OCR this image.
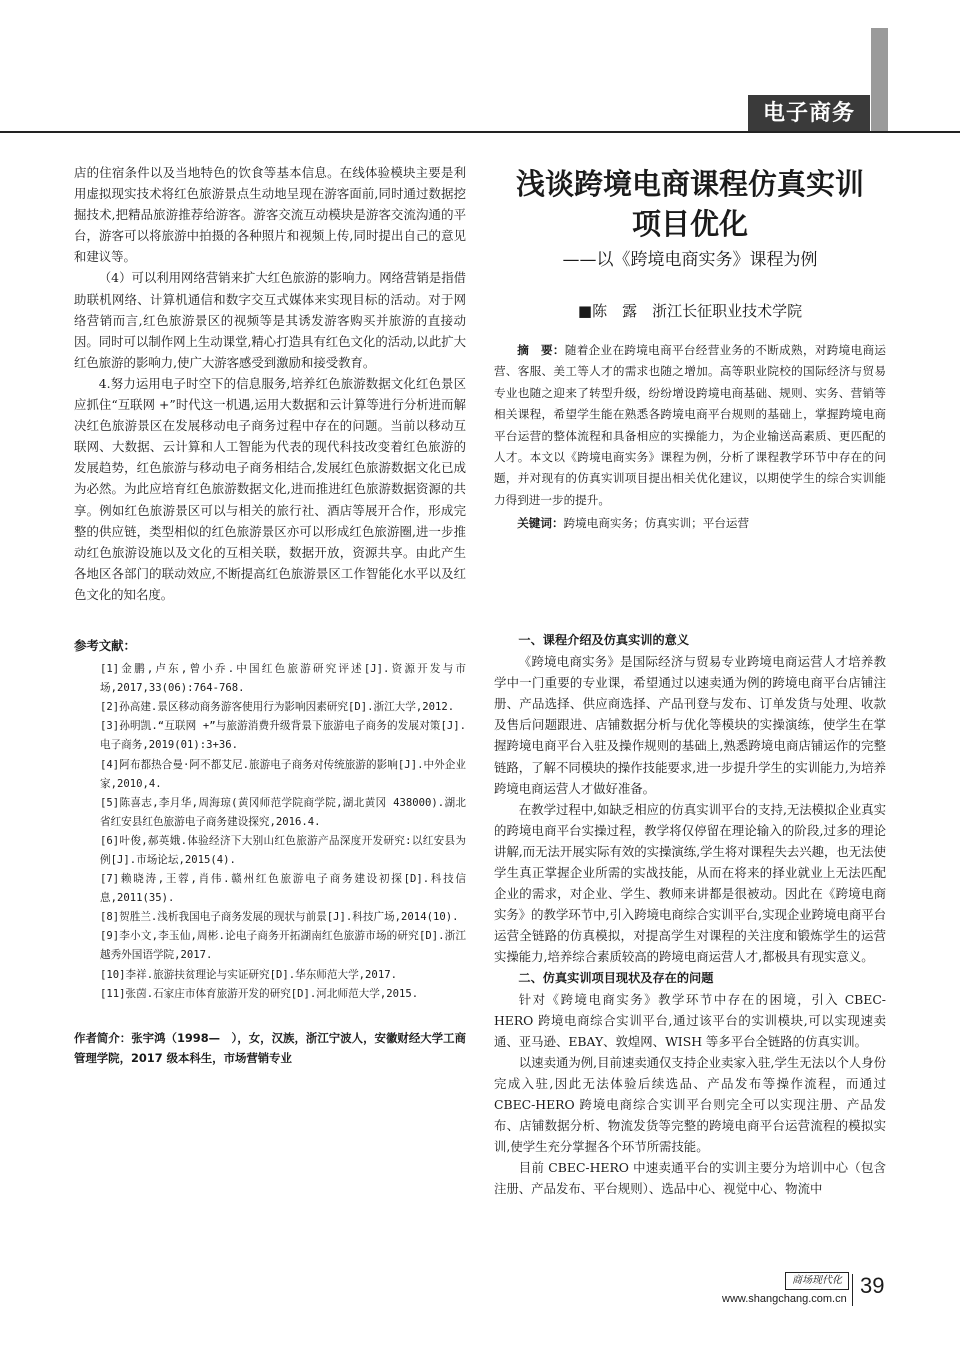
电子商务

店的住宿条件以及当地特色的饮食等基本信息。在线体验模块主要是利用虚拟现实技术将红色旅游景点生动地呈现在游客面前,同时通过数据挖掘技术,把精品旅游推荐给游客。游客交流互动模块是游客交流沟通的平台，游客可以将旅游中拍摄的各种照片和视频上传,同时提出自己的意见和建议等。

（4）可以利用网络营销来扩大红色旅游的影响力。网络营销是指借助联机网络、计算机通信和数字交互式媒体来实现目标的活动。对于网络营销而言,红色旅游景区的视频等是其诱发游客购买并旅游的直接动因。同时可以制作网上生动课堂,精心打造具有红色文化的活动,以此扩大红色旅游的影响力,使广大游客感受到激励和接受教育。

4.努力运用电子时空下的信息服务,培养红色旅游数据文化红色景区应抓住“互联网 +”时代这一机遇,运用大数据和云计算等进行分析进而解决红色旅游景区在发展移动电子商务过程中存在的问题。当前以移动互联网、大数据、云计算和人工智能为代表的现代科技改变着红色旅游的发展趋势，红色旅游与移动电子商务相结合,发展红色旅游数据文化已成为必然。为此应培育红色旅游数据文化,进而推进红色旅游数据资源的共享。例如红色旅游景区可以与相关的旅行社、酒店等展开合作，形成完整的供应链，类型相似的红色旅游景区亦可以形成红色旅游圈,进一步推动红色旅游设施以及文化的互相关联，数据开放，资源共享。由此产生各地区各部门的联动效应,不断提高红色旅游景区工作智能化水平以及红色文化的知名度。

参考文献：

[1]金鹏,卢东,曾小乔.中国红色旅游研究评述[J].资源开发与市场,2017,33(06):764-768.

[2]孙高建.景区移动商务游客使用行为影响因素研究[D].浙江大学,2012.

[3]孙明凯.“互联网 +”与旅游消费升级背景下旅游电子商务的发展对策[J].电子商务,2019(01):3+36.

[4]阿布都热合曼·阿不都艾尼.旅游电子商务对传统旅游的影响[J].中外企业家,2010,4.

[5]陈喜志,李月华,周海琼(黄冈师范学院商学院,湖北黄冈 438000).湖北省红安县红色旅游电子商务建设探究,2016.4.

[6]叶俊,郝英娥.体验经济下大别山红色旅游产品深度开发研究:以红安县为例[J].市场论坛,2015(4).

[7]赖晓涛,王蓉,肖伟.赣州红色旅游电子商务建设初探[D].科技信息,2011(35).

[8]贺胜兰.浅析我国电子商务发展的现状与前景[J].科技广场,2014(10).

[9]李小文,李玉仙,周彬.论电子商务开拓湖南红色旅游市场的研究[D].浙江越秀外国语学院,2017.

[10]李祥.旅游扶贫理论与实证研究[D].华东师范大学,2017.

[11]张茵.石家庄市体育旅游开发的研究[D].河北师范大学,2015.

作者简介：张宇鸿（1998—　），女，汉族，浙江宁波人，安徽财经大学工商管理学院，2017 级本科生，市场营销专业

浅谈跨境电商课程仿真实训
项目优化
——以《跨境电商实务》课程为例
■陈　露　 浙江长征职业技术学院

摘　要：随着企业在跨境电商平台经营业务的不断成熟，对跨境电商运营、客服、美工等人才的需求也随之增加。高等职业院校的国际经济与贸易专业也随之迎来了转型升级，纷纷增设跨境电商基础、规则、实务、营销等相关课程，希望学生能在熟悉各跨境电商平台规则的基础上，掌握跨境电商平台运营的整体流程和具备相应的实操能力，为企业输送高素质、更匹配的人才。本文以《跨境电商实务》课程为例，分析了课程教学环节中存在的问题，并对现有的仿真实训项目提出相关优化建议，以期使学生的综合实训能力得到进一步的提升。

关键词：跨境电商实务；仿真实训；平台运营

一、课程介绍及仿真实训的意义

《跨境电商实务》是国际经济与贸易专业跨境电商运营人才培养教学中一门重要的专业课，希望通过以速卖通为例的跨境电商平台店铺注册、产品选择、供应商选择、产品刊登与发布、订单发货与处理、收款及售后问题跟进、店铺数据分析与优化等模块的实操演练，使学生在掌握跨境电商平台入驻及操作规则的基础上,熟悉跨境电商店铺运作的完整链路，了解不同模块的操作技能要求,进一步提升学生的实训能力,为培养跨境电商运营人才做好准备。

在教学过程中,如缺乏相应的仿真实训平台的支持,无法模拟企业真实的跨境电商平台实操过程，教学将仅停留在理论输入的阶段,过多的理论讲解,而无法开展实际有效的实操演练,学生将对课程失去兴趣，也无法使学生真正掌握企业所需的实战技能，从而在将来的择业就业上无法匹配企业的需求，对企业、学生、教师来讲都是很被动。因此在《跨境电商实务》的教学环节中,引入跨境电商综合实训平台,实现企业跨境电商平台运营全链路的仿真模拟，对提高学生对课程的关注度和锻炼学生的运营实操能力,培养综合素质较高的跨境电商运营人才,都极具有现实意义。

二、仿真实训项目现状及存在的问题

针对《跨境电商实务》教学环节中存在的困境，引入 CBEC-HERO 跨境电商综合实训平台,通过该平台的实训模块,可以实现速卖通、亚马逊、EBAY、敦煌网、WISH 等多平台全链路的仿真实训。

以速卖通为例,目前速卖通仅支持企业卖家入驻,学生无法以个人身份完成入驻,因此无法体验后续选品、产品发布等操作流程，而通过 CBEC-HERO 跨境电商综合实训平台则完全可以实现注册、产品发布、店铺数据分析、物流发货等完整的跨境电商平台运营流程的模拟实训,使学生充分掌握各个环节所需技能。

目前 CBEC-HERO 中速卖通平台的实训主要分为培训中心（包含注册、产品发布、平台规则）、选品中心、视觉中心、物流中

商场现代化
www.shangchang.com.cn
39
